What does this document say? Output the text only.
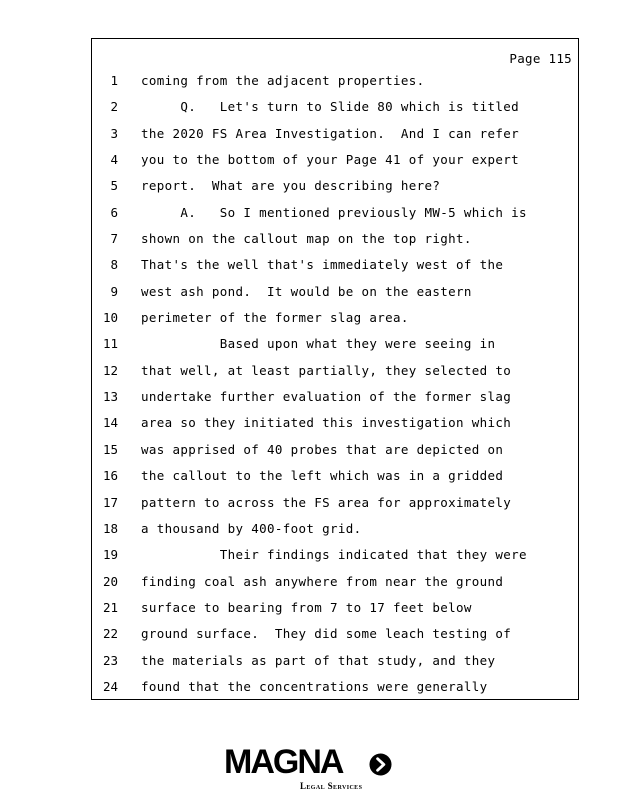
Page 115
1 coming from the adjacent properties.
2 Q.   Let's turn to Slide 80 which is titled
3 the 2020 FS Area Investigation.  And I can refer
4 you to the bottom of your Page 41 of your expert
5 report.  What are you describing here?
6 A.   So I mentioned previously MW-5 which is
7 shown on the callout map on the top right.
8 That's the well that's immediately west of the
9 west ash pond.  It would be on the eastern
10 perimeter of the former slag area.
11 Based upon what they were seeing in
12 that well, at least partially, they selected to
13 undertake further evaluation of the former slag
14 area so they initiated this investigation which
15 was apprised of 40 probes that are depicted on
16 the callout to the left which was in a gridded
17 pattern to across the FS area for approximately
18 a thousand by 400-foot grid.
19 Their findings indicated that they were
20 finding coal ash anywhere from near the ground
21 surface to bearing from 7 to 17 feet below
22 ground surface.  They did some leach testing of
23 the materials as part of that study, and they
24 found that the concentrations were generally
MAGNA
Legal Services
